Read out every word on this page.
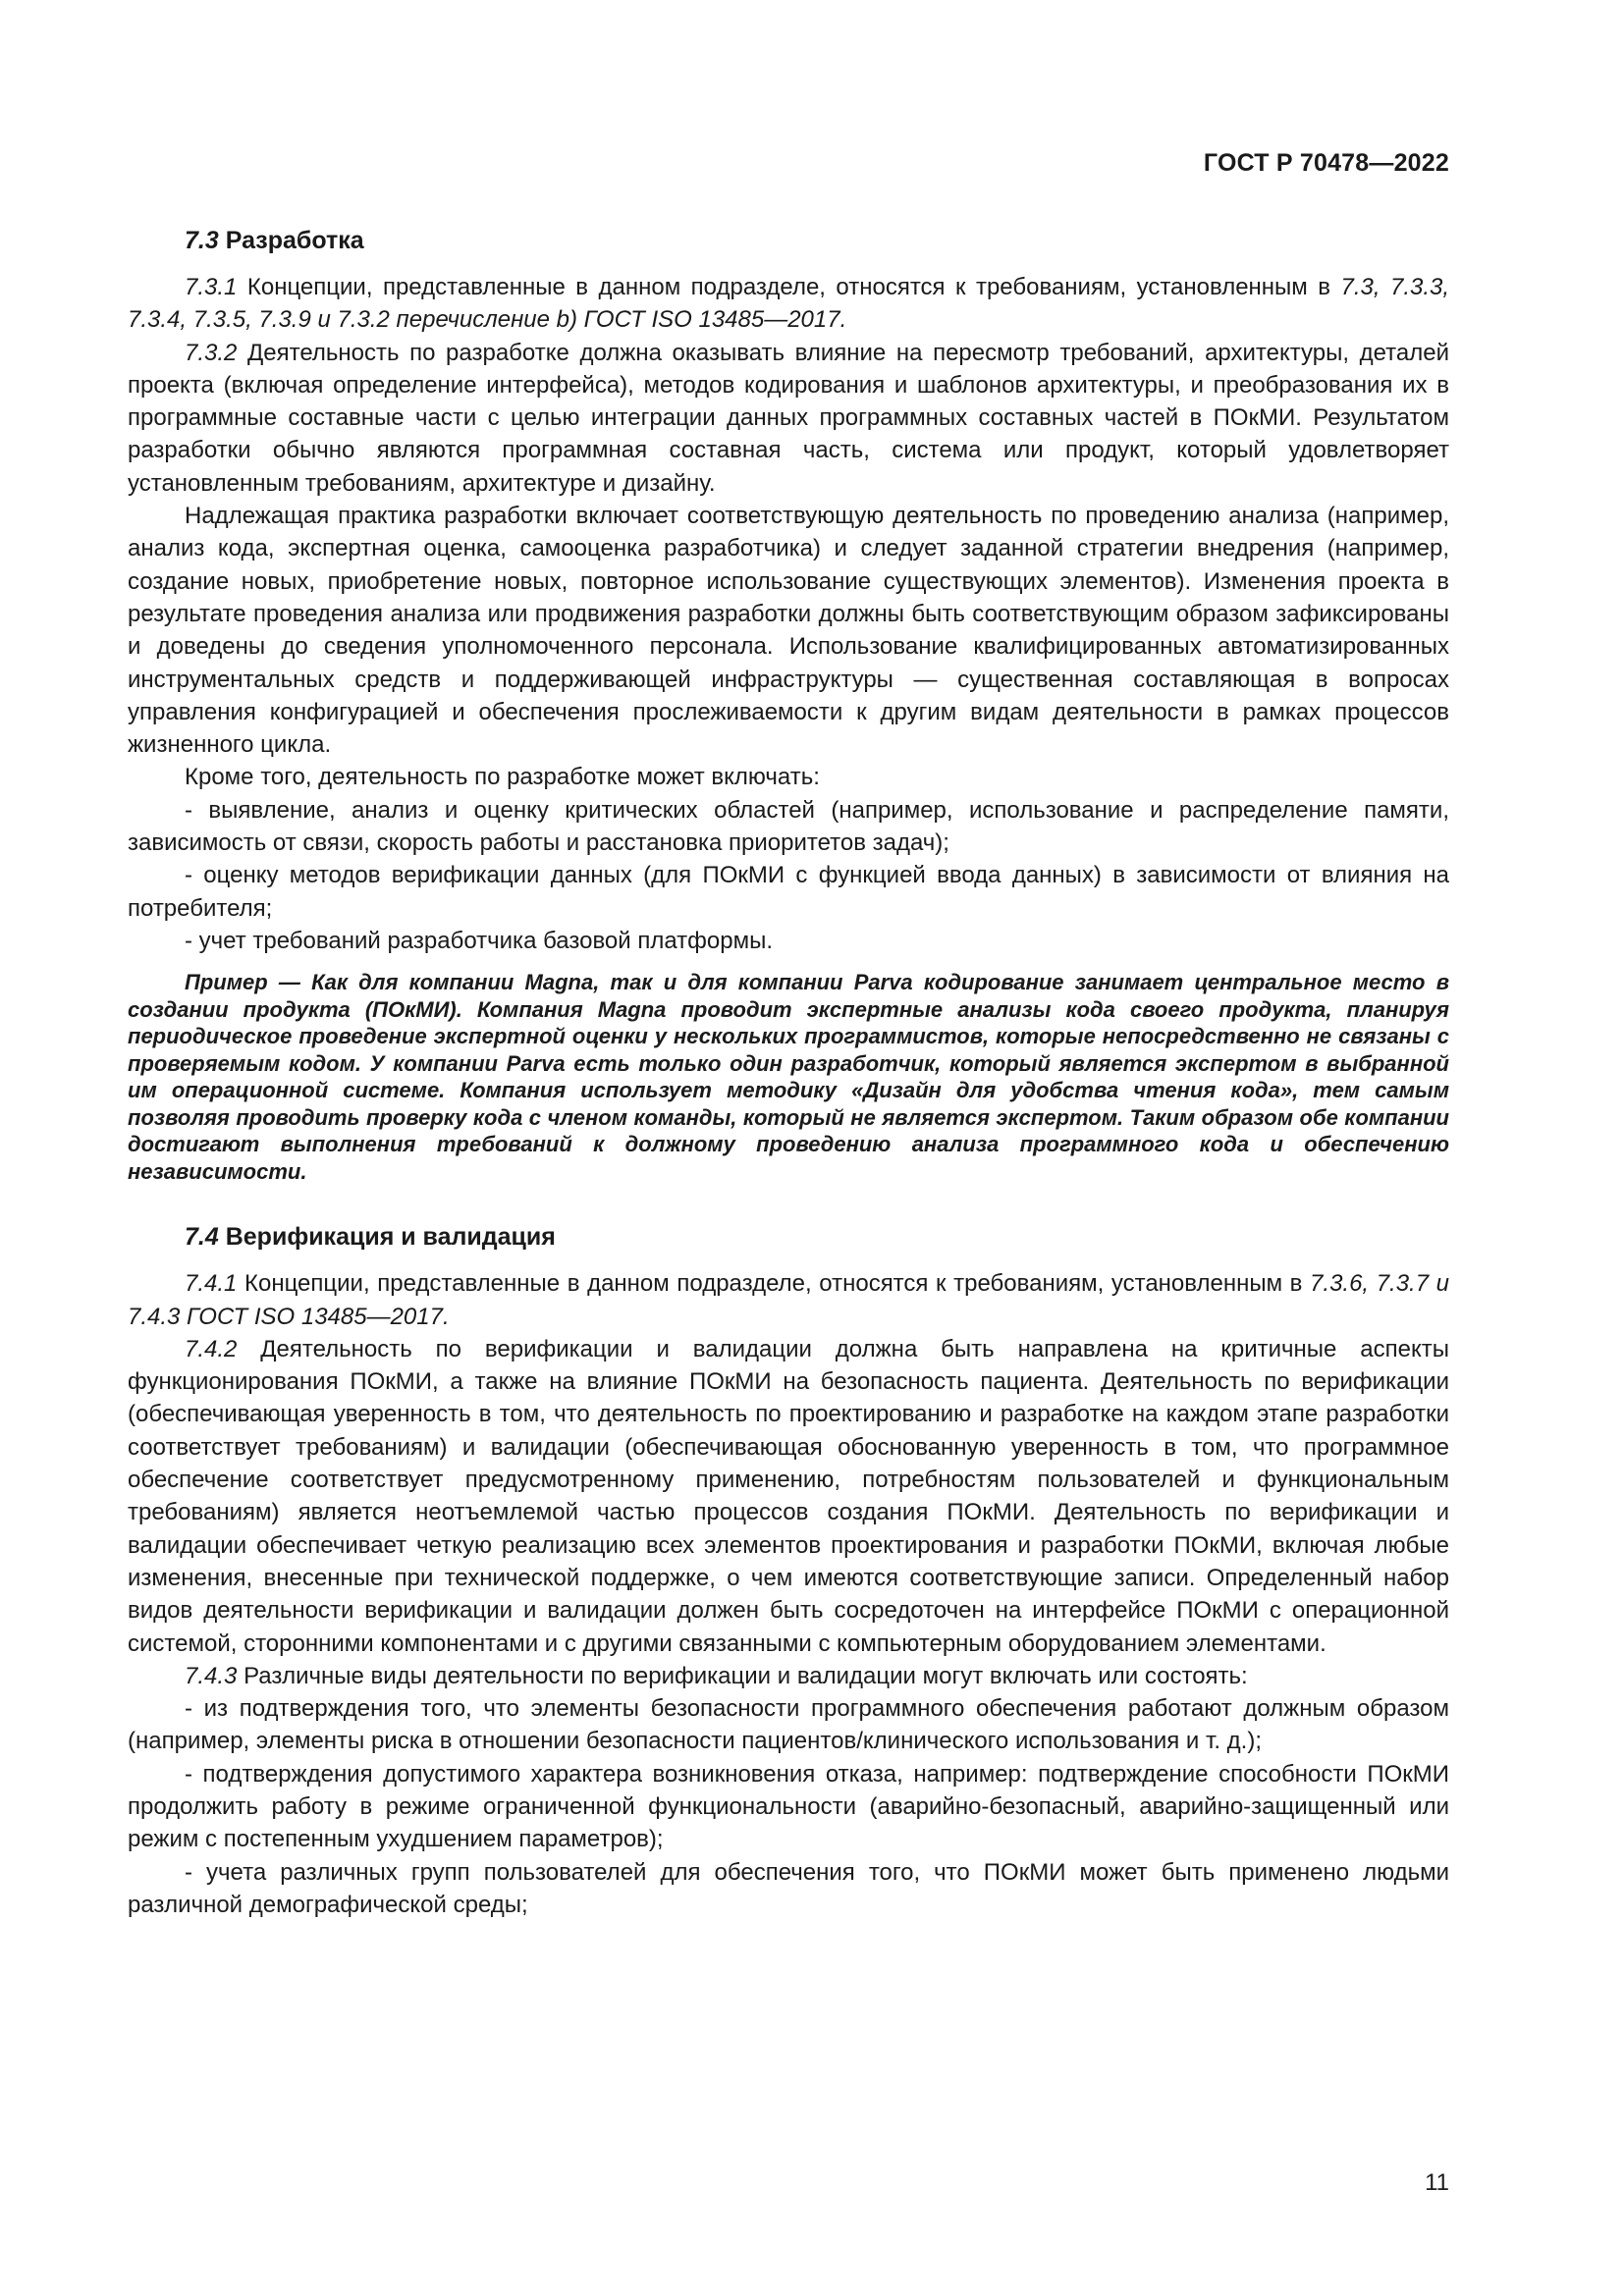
ГОСТ Р 70478—2022
7.3 Разработка

7.3.1 Концепции, представленные в данном подразделе, относятся к требованиям, установленным в 7.3, 7.3.3, 7.3.4, 7.3.5, 7.3.9 и 7.3.2 перечисление b) ГОСТ ISO 13485—2017.

7.3.2 Деятельность по разработке должна оказывать влияние на пересмотр требований, архитектуры, деталей проекта (включая определение интерфейса), методов кодирования и шаблонов архитектуры, и преобразования их в программные составные части с целью интеграции данных программных составных частей в ПОкМИ. Результатом разработки обычно являются программная составная часть, система или продукт, который удовлетворяет установленным требованиям, архитектуре и дизайну.

Надлежащая практика разработки включает соответствующую деятельность по проведению анализа (например, анализ кода, экспертная оценка, самооценка разработчика) и следует заданной стратегии внедрения (например, создание новых, приобретение новых, повторное использование существующих элементов). Изменения проекта в результате проведения анализа или продвижения разработки должны быть соответствующим образом зафиксированы и доведены до сведения уполномоченного персонала. Использование квалифицированных автоматизированных инструментальных средств и поддерживающей инфраструктуры — существенная составляющая в вопросах управления конфигурацией и обеспечения прослеживаемости к другим видам деятельности в рамках процессов жизненного цикла.

Кроме того, деятельность по разработке может включать:

- выявление, анализ и оценку критических областей (например, использование и распределение памяти, зависимость от связи, скорость работы и расстановка приоритетов задач);

- оценку методов верификации данных (для ПОкМИ с функцией ввода данных) в зависимости от влияния на потребителя;

- учет требований разработчика базовой платформы.

Пример — Как для компании Magna, так и для компании Parva кодирование занимает центральное место в создании продукта (ПОкМИ). Компания Magna проводит экспертные анализы кода своего продукта, планируя периодическое проведение экспертной оценки у нескольких программистов, которые непосредственно не связаны с проверяемым кодом. У компании Parva есть только один разработчик, который является экспертом в выбранной им операционной системе. Компания использует методику «Дизайн для удобства чтения кода», тем самым позволяя проводить проверку кода с членом команды, который не является экспертом. Таким образом обе компании достигают выполнения требований к должному проведению анализа программного кода и обеспечению независимости.
7.4 Верификация и валидация

7.4.1 Концепции, представленные в данном подразделе, относятся к требованиям, установленным в 7.3.6, 7.3.7 и 7.4.3 ГОСТ ISO 13485—2017.

7.4.2 Деятельность по верификации и валидации должна быть направлена на критичные аспекты функционирования ПОкМИ, а также на влияние ПОкМИ на безопасность пациента. Деятельность по верификации (обеспечивающая уверенность в том, что деятельность по проектированию и разработке на каждом этапе разработки соответствует требованиям) и валидации (обеспечивающая обоснованную уверенность в том, что программное обеспечение соответствует предусмотренному применению, потребностям пользователей и функциональным требованиям) является неотъемлемой частью процессов создания ПОкМИ. Деятельность по верификации и валидации обеспечивает четкую реализацию всех элементов проектирования и разработки ПОкМИ, включая любые изменения, внесенные при технической поддержке, о чем имеются соответствующие записи. Определенный набор видов деятельности верификации и валидации должен быть сосредоточен на интерфейсе ПОкМИ с операционной системой, сторонними компонентами и с другими связанными с компьютерным оборудованием элементами.

7.4.3 Различные виды деятельности по верификации и валидации могут включать или состоять:

- из подтверждения того, что элементы безопасности программного обеспечения работают должным образом (например, элементы риска в отношении безопасности пациентов/клинического использования и т. д.);

- подтверждения допустимого характера возникновения отказа, например: подтверждение способности ПОкМИ продолжить работу в режиме ограниченной функциональности (аварийно-безопасный, аварийно-защищенный или режим с постепенным ухудшением параметров);

- учета различных групп пользователей для обеспечения того, что ПОкМИ может быть применено людьми различной демографической среды;

11
